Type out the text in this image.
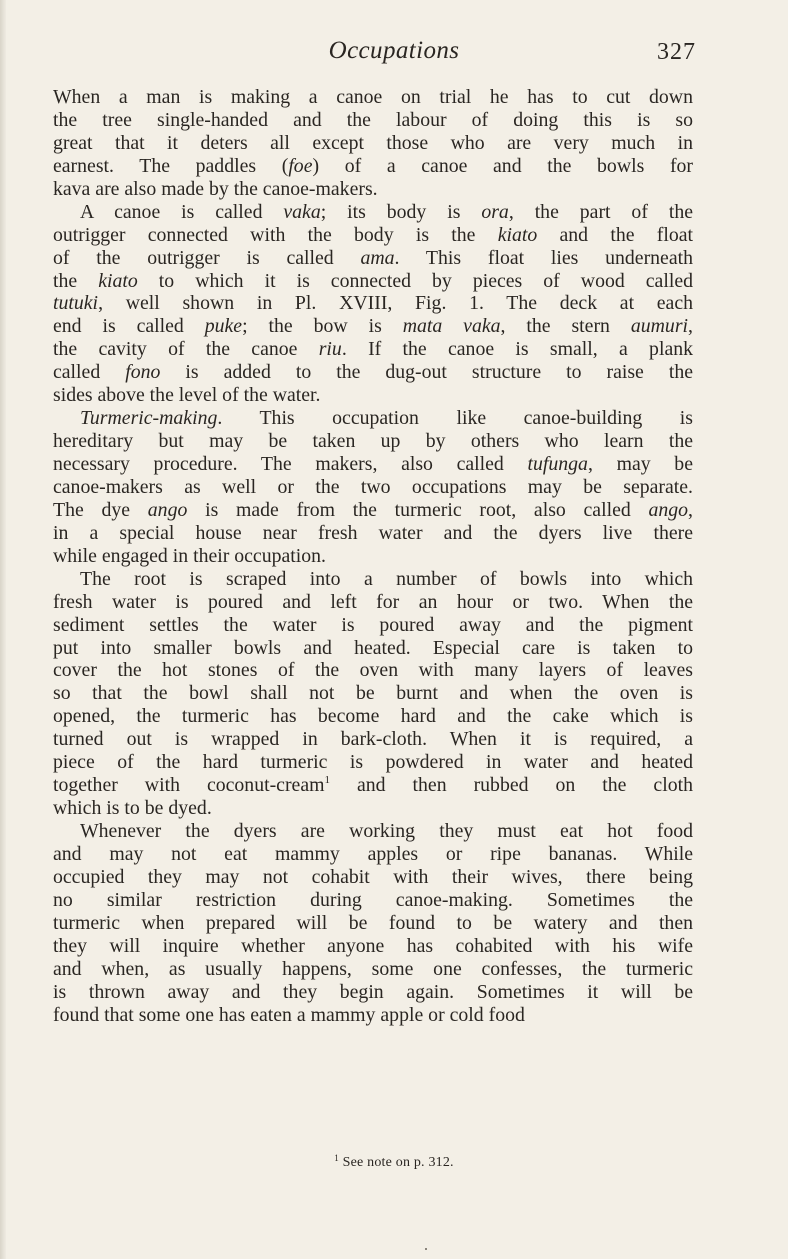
Occupations	327
When a man is making a canoe on trial he has to cut down
the tree single-handed and the labour of doing this is so
great that it deters all except those who are very much in
earnest. The paddles (foe) of a canoe and the bowls for
kava are also made by the canoe-makers.
A canoe is called vaka; its body is ora, the part of the
outrigger connected with the body is the kiato and the float
of the outrigger is called ama. This float lies underneath
the kiato to which it is connected by pieces of wood called
tutuki, well shown in Pl. XVIII, Fig. 1. The deck at each
end is called puke; the bow is mata vaka, the stern aumuri,
the cavity of the canoe riu. If the canoe is small, a plank
called fono is added to the dug-out structure to raise the
sides above the level of the water.
Turmeric-making. This occupation like canoe-building is
hereditary but may be taken up by others who learn the
necessary procedure. The makers, also called tufunga, may be
canoe-makers as well or the two occupations may be separate.
The dye ango is made from the turmeric root, also called ango,
in a special house near fresh water and the dyers live there
while engaged in their occupation.
The root is scraped into a number of bowls into which
fresh water is poured and left for an hour or two. When the
sediment settles the water is poured away and the pigment
put into smaller bowls and heated. Especial care is taken to
cover the hot stones of the oven with many layers of leaves
so that the bowl shall not be burnt and when the oven is
opened, the turmeric has become hard and the cake which is
turned out is wrapped in bark-cloth. When it is required, a
piece of the hard turmeric is powdered in water and heated
together with coconut-cream$^1$ and then rubbed on the cloth
which is to be dyed.
Whenever the dyers are working they must eat hot food
and may not eat mammy apples or ripe bananas. While
occupied they may not cohabit with their wives, there being
no similar restriction during canoe-making. Sometimes the
turmeric when prepared will be found to be watery and then
they will inquire whether anyone has cohabited with his wife
and when, as usually happens, some one confesses, the turmeric
is thrown away and they begin again. Sometimes it will be
found that some one has eaten a mammy apple or cold food
$^1$ See note on p. 312.
